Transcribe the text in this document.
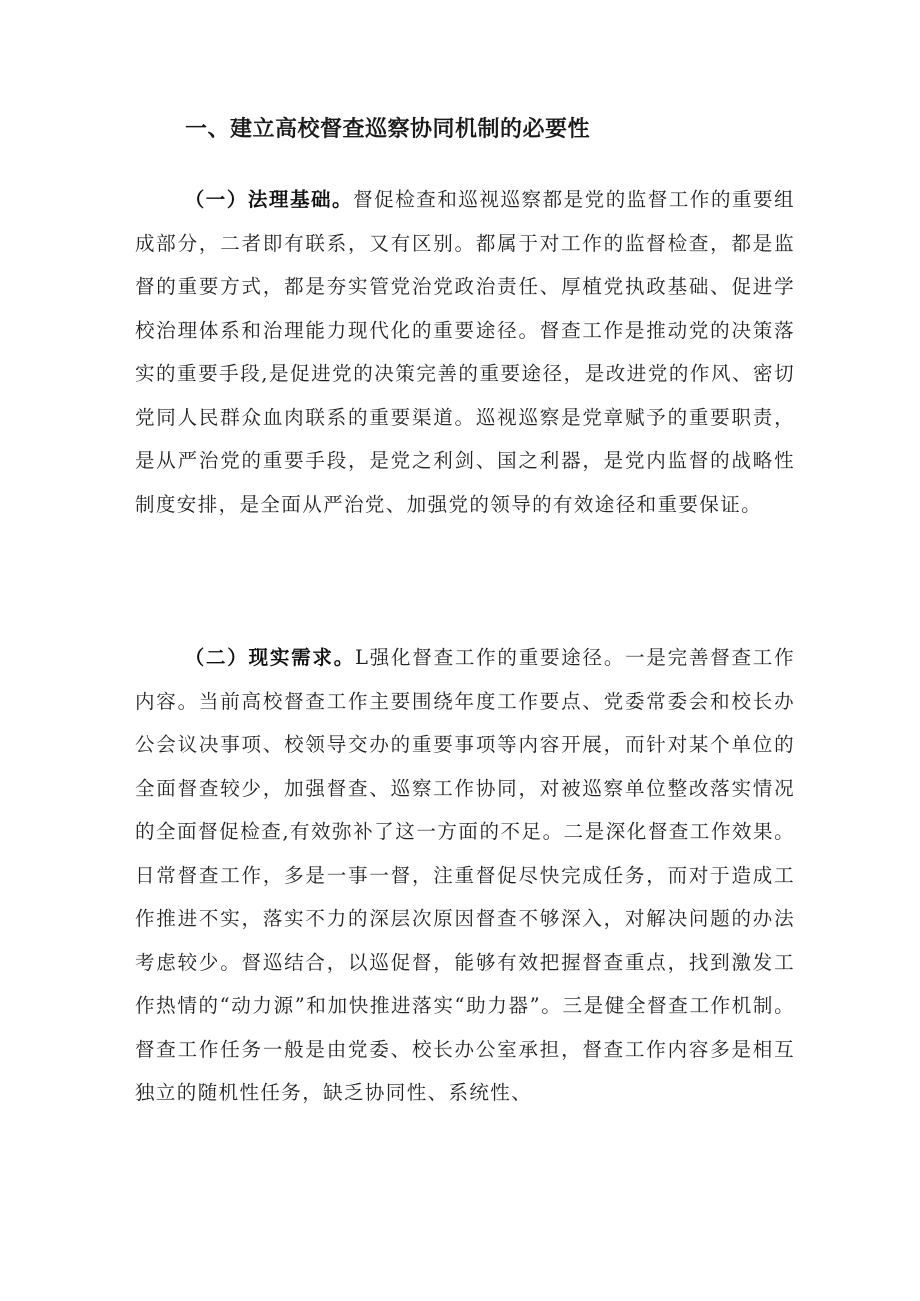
一、建立高校督查巡察协同机制的必要性

（一）法理基础。督促检查和巡视巡察都是党的监督工作的重要组成部分，二者即有联系，又有区别。都属于对工作的监督检查，都是监督的重要方式，都是夯实管党治党政治责任、厚植党执政基础、促进学校治理体系和治理能力现代化的重要途径。督查工作是推动党的决策落实的重要手段,是促进党的决策完善的重要途径，是改进党的作风、密切党同人民群众血肉联系的重要渠道。巡视巡察是党章赋予的重要职责，是从严治党的重要手段，是党之利剑、国之利器，是党内监督的战略性制度安排，是全面从严治党、加强党的领导的有效途径和重要保证。

（二）现实需求。L强化督查工作的重要途径。一是完善督查工作内容。当前高校督查工作主要围绕年度工作要点、党委常委会和校长办公会议决事项、校领导交办的重要事项等内容开展，而针对某个单位的全面督查较少，加强督查、巡察工作协同，对被巡察单位整改落实情况的全面督促检查,有效弥补了这一方面的不足。二是深化督查工作效果。日常督查工作，多是一事一督，注重督促尽快完成任务，而对于造成工作推进不实，落实不力的深层次原因督查不够深入，对解决问题的办法考虑较少。督巡结合，以巡促督，能够有效把握督查重点，找到激发工作热情的“动力源”和加快推进落实“助力器”。三是健全督查工作机制。督查工作任务一般是由党委、校长办公室承担，督查工作内容多是相互独立的随机性任务，缺乏协同性、系统性、
